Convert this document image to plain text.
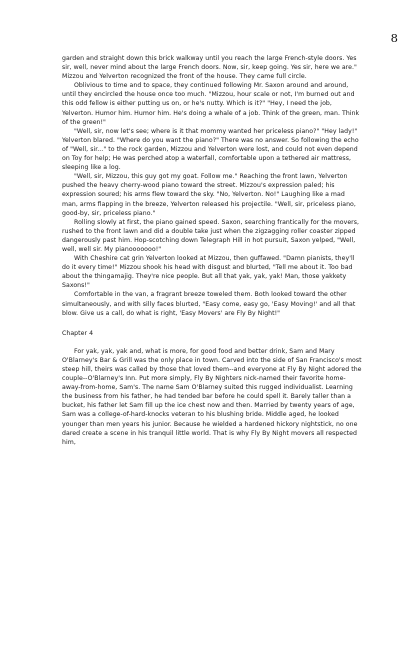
8

garden and straight down this brick walkway until you reach the large French-style doors. Yes sir, well, never mind about the large French doors. Now, sir, keep going. Yes sir, here we are." Mizzou and Yelverton recognized the front of the house. They came full circle.

Oblivious to time and to space, they continued following Mr. Saxon around and around, until they encircled the house once too much. "Mizzou, hour scale or not, I'm burned out and this odd fellow is either putting us on, or he's nutty. Which is it?" "Hey, I need the job, Yelverton. Humor him. Humor him. He's doing a whale of a job. Think of the green, man. Think of the green!"

"Well, sir, now let's see; where is it that mommy wanted her priceless piano?" "Hey lady!" Yelverton blared. "Where do you want the piano?" There was no answer. So following the echo of "Well, sir..." to the rock garden, Mizzou and Yelverton were lost, and could not even depend on Toy for help; He was perched atop a waterfall, comfortable upon a tethered air mattress, sleeping like a log.

"Well, sir, Mizzou, this guy got my goat. Follow me." Reaching the front lawn, Yelverton pushed the heavy cherry-wood piano toward the street. Mizzou's expression paled; his expression soured; his arms flew toward the sky. "No, Yelverton. No!" Laughing like a mad man, arms flapping in the breeze, Yelverton released his projectile. "Well, sir, priceless piano, good-by, sir, priceless piano."

Rolling slowly at first, the piano gained speed. Saxon, searching frantically for the movers, rushed to the front lawn and did a double take just when the zigzagging roller coaster zipped dangerously past him. Hop-scotching down Telegraph Hill in hot pursuit, Saxon yelped, "Well, well, well sir. My pianooooooo!"

With Cheshire cat grin Yelverton looked at Mizzou, then guffawed. "Damn pianists, they'll do it every time!" Mizzou shook his head with disgust and blurted, "Tell me about it. Too bad about the thingamajig. They're nice people. But all that yak, yak, yak! Man, those yakkety Saxons!"

Comfortable in the van, a fragrant breeze toweled them. Both looked toward the other simultaneously, and with silly faces blurted, "Easy come, easy go, 'Easy Moving!' and all that blow. Give us a call, do what is right, 'Easy Movers' are Fly By Night!"

Chapter 4

For yak, yak, yak and, what is more, for good food and better drink, Sam and Mary O'Blarney's Bar & Grill was the only place in town. Carved into the side of San Francisco's most steep hill, theirs was called by those that loved them--and everyone at Fly By Night adored the couple--O'Blarney's Inn. Put more simply, Fly By Nighters nick-named their favorite home-away-from-home, Sam's. The name Sam O'Blarney suited this rugged individualist. Learning the business from his father, he had tended bar before he could spell it. Barely taller than a bucket, his father let Sam fill up the ice chest now and then. Married by twenty years of age, Sam was a college-of-hard-knocks veteran to his blushing bride. Middle aged, he looked younger than men years his junior. Because he wielded a hardened hickory nightstick, no one dared create a scene in his tranquil little world. That is why Fly By Night movers all respected him,
